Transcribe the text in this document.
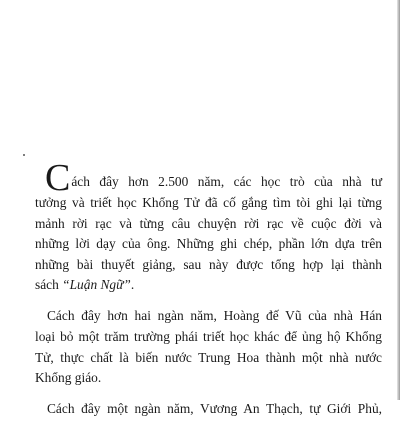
Cách đây hơn 2.500 năm, các học trò của nhà tư
tưởng và triết học Khổng Tử đã cố gắng tìm tòi ghi lại từng
mảnh rời rạc và từng câu chuyện rời rạc về cuộc đời và
những lời dạy của ông. Những ghi chép, phần lớn dựa trên
những bài thuyết giảng, sau này được tổng hợp lại thành
sách “Luận Ngữ”.
Cách đây hơn hai ngàn năm, Hoàng đế Vũ của nhà Hán
loại bỏ một trăm trường phái triết học khác để ủng hộ Khổng
Tử, thực chất là biến nước Trung Hoa thành một nhà nước
Khổng giáo.
Cách đây một ngàn năm, Vương An Thạch, tự Giới Phủ,
